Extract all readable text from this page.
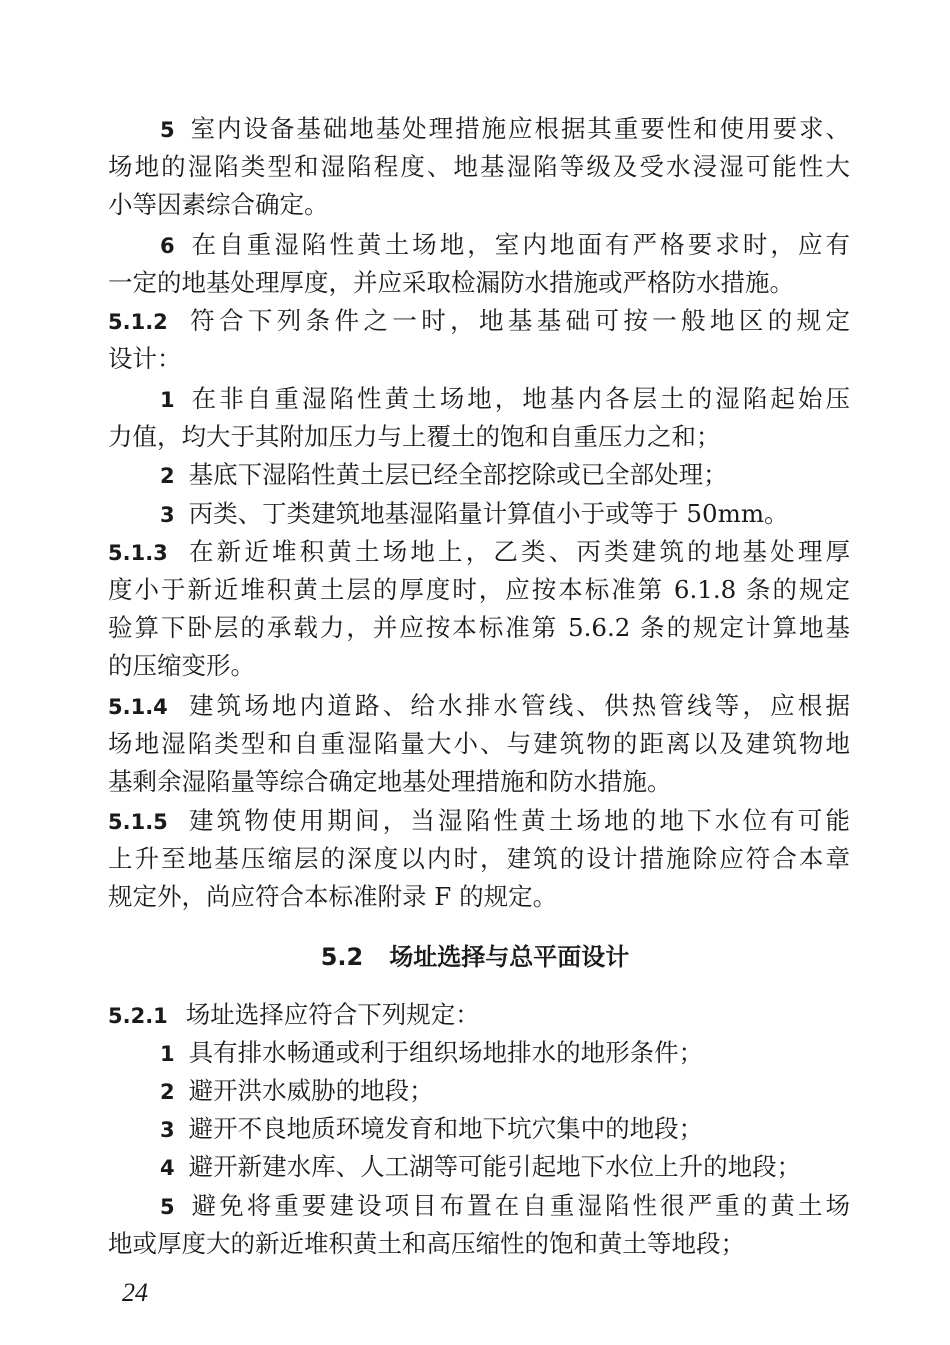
5 室内设备基础地基处理措施应根据其重要性和使用要求、
场地的湿陷类型和湿陷程度、地基湿陷等级及受水浸湿可能性大
小等因素综合确定。
6 在自重湿陷性黄土场地，室内地面有严格要求时，应有
一定的地基处理厚度，并应采取检漏防水措施或严格防水措施。
5.1.2 符合下列条件之一时，地基基础可按一般地区的规定
设计：
1 在非自重湿陷性黄土场地，地基内各层土的湿陷起始压
力值，均大于其附加压力与上覆土的饱和自重压力之和；
2 基底下湿陷性黄土层已经全部挖除或已全部处理；
3 丙类、丁类建筑地基湿陷量计算值小于或等于 50mm。
5.1.3 在新近堆积黄土场地上，乙类、丙类建筑的地基处理厚
度小于新近堆积黄土层的厚度时，应按本标准第 6.1.8 条的规定
验算下卧层的承载力，并应按本标准第 5.6.2 条的规定计算地基
的压缩变形。
5.1.4 建筑场地内道路、给水排水管线、供热管线等，应根据
场地湿陷类型和自重湿陷量大小、与建筑物的距离以及建筑物地
基剩余湿陷量等综合确定地基处理措施和防水措施。
5.1.5 建筑物使用期间，当湿陷性黄土场地的地下水位有可能
上升至地基压缩层的深度以内时，建筑的设计措施除应符合本章
规定外，尚应符合本标准附录 F 的规定。
5.2 场址选择与总平面设计
5.2.1 场址选择应符合下列规定：
1 具有排水畅通或利于组织场地排水的地形条件；
2 避开洪水威胁的地段；
3 避开不良地质环境发育和地下坑穴集中的地段；
4 避开新建水库、人工湖等可能引起地下水位上升的地段；
5 避免将重要建设项目布置在自重湿陷性很严重的黄土场
地或厚度大的新近堆积黄土和高压缩性的饱和黄土等地段；
24
